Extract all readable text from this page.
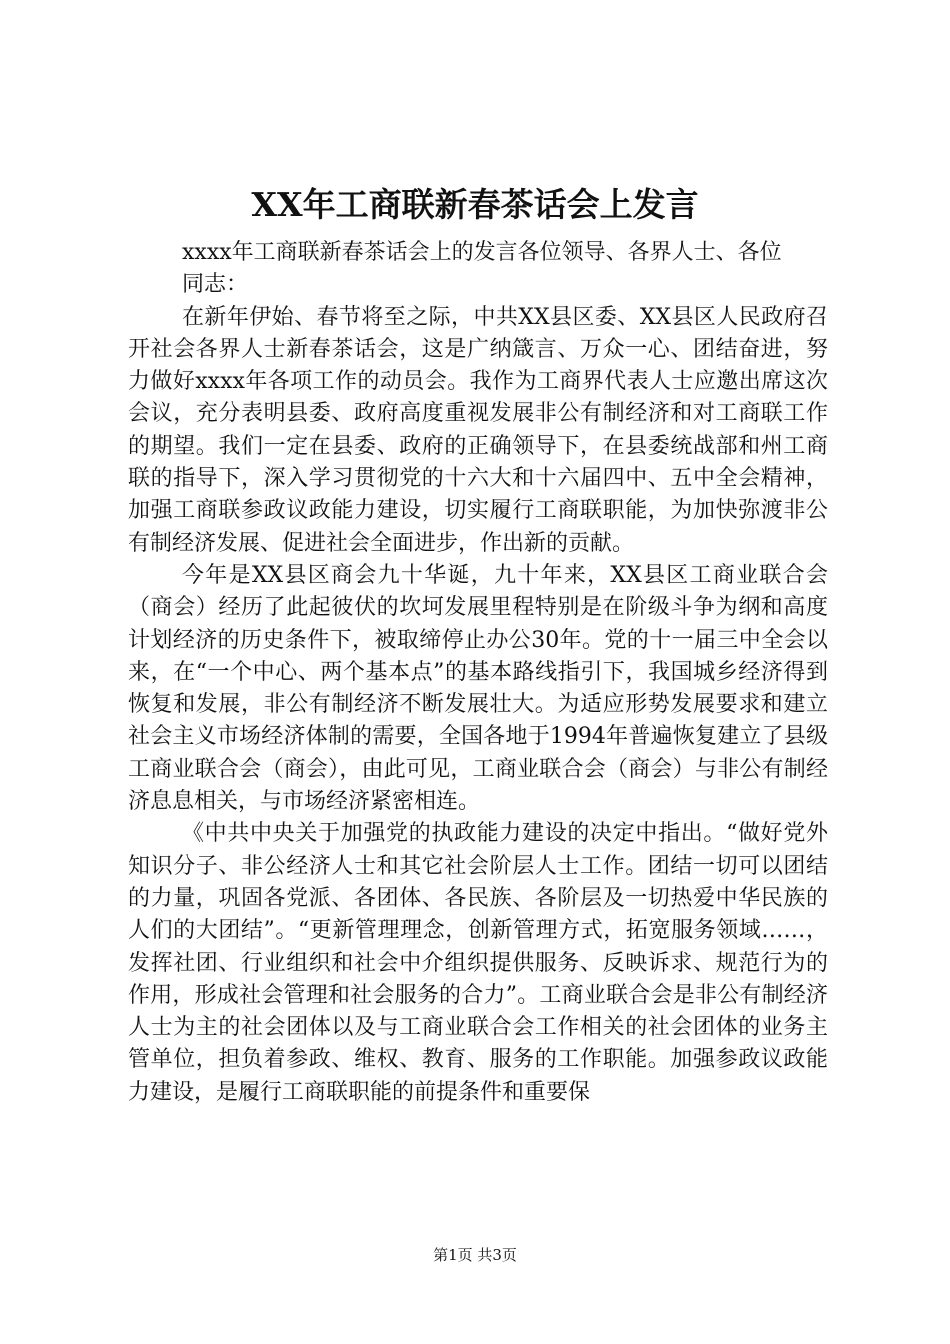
XX年工商联新春茶话会上发言

xxxx年工商联新春茶话会上的发言各位领导、各界人士、各位

同志：

在新年伊始、春节将至之际，中共XX县区委、XX县区人民政府召开社会各界人士新春茶话会，这是广纳箴言、万众一心、团结奋进，努力做好xxxx年各项工作的动员会。我作为工商界代表人士应邀出席这次会议，充分表明县委、政府高度重视发展非公有制经济和对工商联工作的期望。我们一定在县委、政府的正确领导下，在县委统战部和州工商联的指导下，深入学习贯彻党的十六大和十六届四中、五中全会精神，加强工商联参政议政能力建设，切实履行工商联职能，为加快弥渡非公有制经济发展、促进社会全面进步，作出新的贡献。

今年是XX县区商会九十华诞，九十年来，XX县区工商业联合会（商会）经历了此起彼伏的坎坷发展里程特别是在阶级斗争为纲和高度计划经济的历史条件下，被取缔停止办公30年。党的十一届三中全会以来，在“一个中心、两个基本点”的基本路线指引下，我国城乡经济得到恢复和发展，非公有制经济不断发展壮大。为适应形势发展要求和建立社会主义市场经济体制的需要，全国各地于1994年普遍恢复建立了县级工商业联合会（商会），由此可见，工商业联合会（商会）与非公有制经济息息相关，与市场经济紧密相连。

《中共中央关于加强党的执政能力建设的决定中指出。“做好党外知识分子、非公经济人士和其它社会阶层人士工作。团结一切可以团结的力量，巩固各党派、各团体、各民族、各阶层及一切热爱中华民族的人们的大团结”。“更新管理理念，创新管理方式，拓宽服务领域……，发挥社团、行业组织和社会中介组织提供服务、反映诉求、规范行为的作用，形成社会管理和社会服务的合力”。工商业联合会是非公有制经济人士为主的社会团体以及与工商业联合会工作相关的社会团体的业务主管单位，担负着参政、维权、教育、服务的工作职能。加强参政议政能力建设，是履行工商联职能的前提条件和重要保

第1页 共3页
